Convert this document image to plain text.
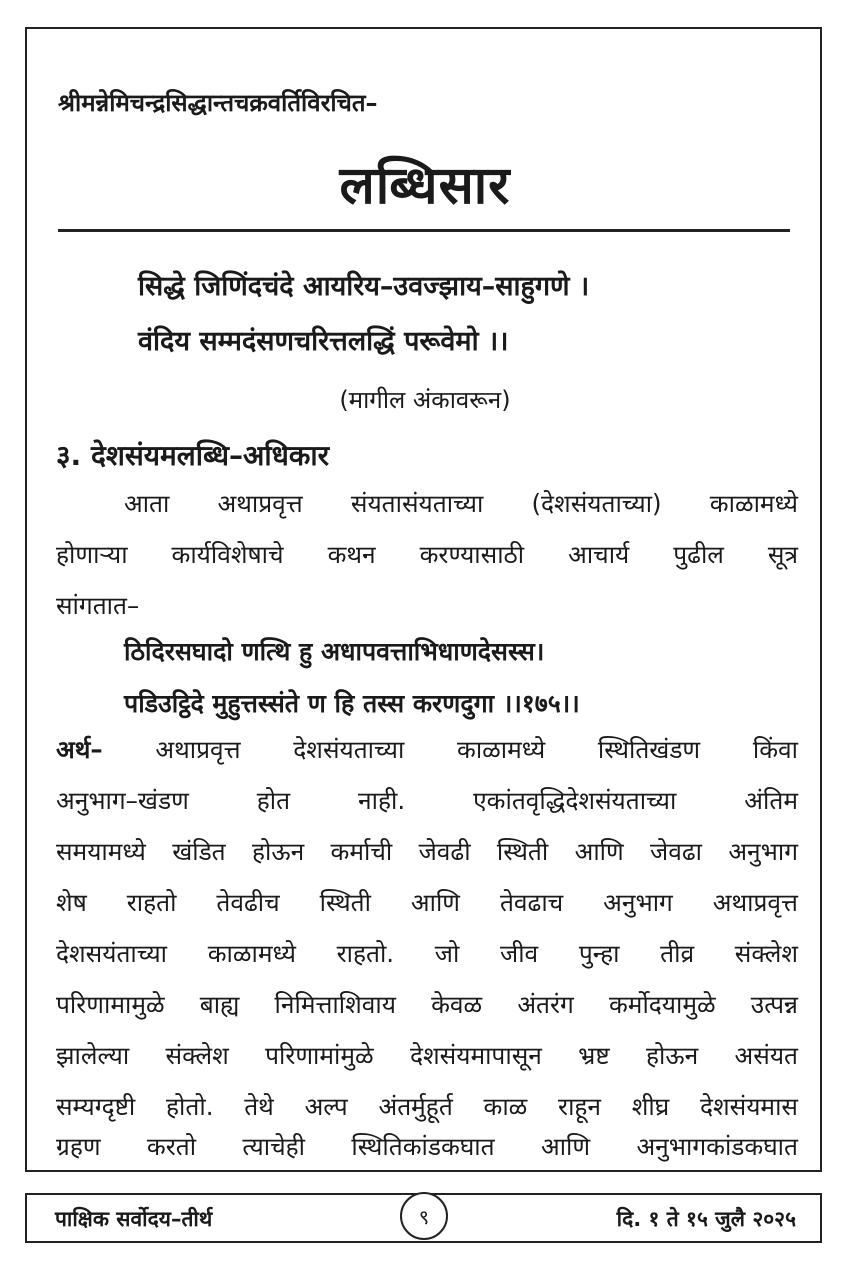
श्रीमन्नेमिचन्द्रसिद्धान्तचक्रवर्तिविरचित–
लब्धिसार
सिद्धे जिणिंदचंदे आयरिय–उवज्झाय–साहुगणे ।
वंदिय सम्मदंसणचरित्तलद्धिं परूवेमो ।।
(मागील अंकावरून)
३. देशसंयमलब्धि–अधिकार
आता अथाप्रवृत्त संयतासंयताच्या (देशसंयताच्या) काळामध्ये
होणाऱ्या कार्यविशेषाचे कथन करण्यासाठी आचार्य पुढील सूत्र
सांगतात–
ठिदिरसघादो णत्थि हु अधापवत्ताभिधाणदेसस्स।
पडिउट्ठिदे मुहुत्तस्संते ण हि तस्स करणदुगा ।।१७५।।
अर्थ– अथाप्रवृत्त देशसंयताच्या काळामध्ये स्थितिखंडण किंवा
अनुभाग–खंडण होत नाही. एकांतवृद्धिदेशसंयताच्या अंतिम
समयामध्ये खंडित होऊन कर्माची जेवढी स्थिती आणि जेवढा अनुभाग
शेष राहतो तेवढीच स्थिती आणि तेवढाच अनुभाग अथाप्रवृत्त
देशसयंताच्या काळामध्ये राहतो. जो जीव पुन्हा तीव्र संक्लेश
परिणामामुळे बाह्य निमित्ताशिवाय केवळ अंतरंग कर्मोदयामुळे उत्पन्न
झालेल्या संक्लेश परिणामांमुळे देशसंयमापासून भ्रष्ट होऊन असंयत
सम्यग्दृष्टी होतो. तेथे अल्प अंतर्मुहूर्त काळ राहून शीघ्र देशसंयमास
ग्रहण करतो त्याचेही स्थितिकांडकघात आणि अनुभागकांडकघात
पाक्षिक सर्वोदय–तीर्थ	९	दि. १ ते १५ जुलै २०२५
